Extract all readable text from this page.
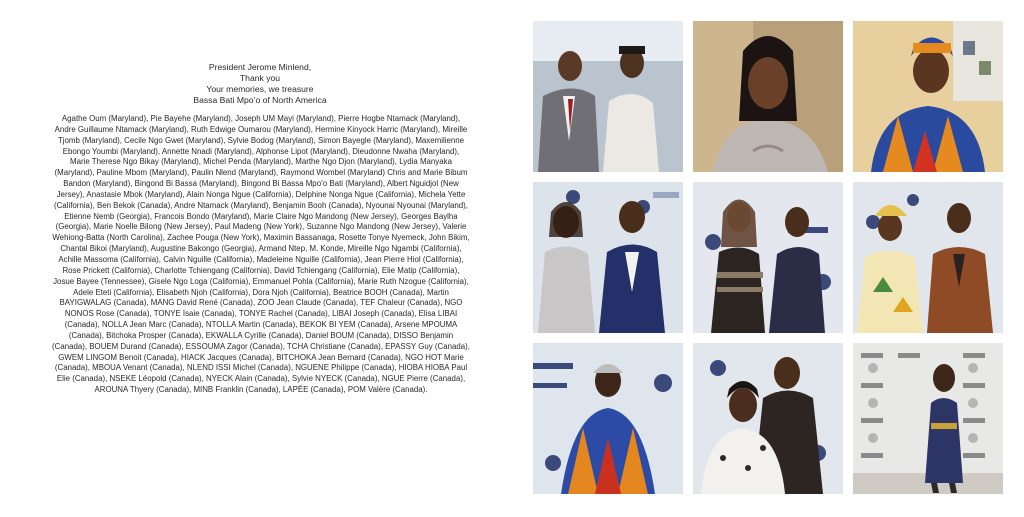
President Jerome Minlend,
Thank you
Your memories, we treasure
Bassa Bati Mpo’o of North America
Agathe Oum (Maryland), Pie Bayehe (Maryland), Joseph UM Mayi (Maryland), Pierre Hogbe Ntamack (Maryland), Andre Guillaume Ntamack (Maryland), Ruth Edwige Oumarou (Maryland), Hermine Kinyock Harric (Maryland), Mireille Tjomb (Maryland), Cecile Ngo Gwet (Maryland), Sylvie Bodog (Maryland), Simon Bayegle (Maryland), Maxemilienne Ebongo Youmbi (Maryland), Annette Nnadi (Maryland), Alphonse Lipot (Maryland), Dieudonne Nwaha (Maryland), Marie Therese Ngo Bikay (Maryland), Michel Penda (Maryland), Marthe Ngo Djon (Maryland), Lydia Manyaka (Maryland), Pauline Mbom (Maryland), Paulin Nlend (Maryland), Raymond Wombel (Maryland) Chris and Marie Bibum Bandon (Maryland), Bingond Bi Bassa (Maryland), Bingond Bi Bassa Mpo’o Bati (Maryland), Albert Nguidjol (New Jersey), Anastasie Mbok (Maryland), Alain Nonga Ngue (California), Delphine Nonga Ngue (California), Michela Yette (California), Ben Bekok (Canada), Andre Ntamack (Maryland), Benjamin Booh (Canada), Nyounai Nyounai (Maryland), Etienne Nemb (Georgia), Francois Bondo (Maryland), Marie Claire Ngo Mandong (New Jersey), Georges Baylha (Georgia), Marie Noelle Bilong (New Jersey), Paul Madeng (New York), Suzanne Ngo Mandong (New Jersey), Valerie Wehiong-Batta (North Carolina), Zachee Pouga (New York), Maximin Bassanaga, Rosette Tonye Nyemeck, John Bikim, Chantal Bikoi (Maryland), Augustine Bakongo (Georgia), Armand Ntep, M. Konde, Mireille Ngo Ngambi (California), Achille Massoma (California), Calvin Nguille (California), Madeleine Nguille (California), Jean Pierre Hiol (California), Rose Prickett (California), Charlotte Tchiengang (California), David Tchiengang (California), Elie Matip (California), Josue Bayee (Tennessee), Gisele Ngo Loga (California), Emmanuel Pohla (California), Marie Ruth Nzogue (California), Adele Eteti (California), Elisabeth Njoh (California), Dora Njoh (California), Beatrice BOOH (Canada), Martin BAYIGWALAG (Canada), MANG David René (Canada), ZOO Jean Claude (Canada), TEF Chaleur (Canada), NGO NONOS Rose (Canada), TONYE Isaie (Canada), TONYE Rachel (Canada), LIBAI Joseph (Canada), Elisa LIBAI (Canada), NOLLA Jean Marc (Canada), NTOLLA Martin (Canada), BEKOK BI YEM (Canada), Arsene MPOUMA (Canada), Bitchoka Prosper (Canada), EKWALLA Cyrille (Canada), Daniel BOUM (Canada), DISSO Benjamin (Canada), BOUEM Durand (Canada), ESSOUMA Zagor (Canada), TCHA Christiane (Canada), EPASSY Guy (Canada), GWEM LINGOM Benoit (Canada), HIACK Jacques (Canada), BITCHOKA Jean Bernard (Canada), NGO HOT Marie (Canada), MBOUA Venant (Canada), NLEND ISSI Michel (Canada), NGUENE Philippe (Canada), HIOBA HIOBA Paul Elie (Canada), NSEKE Léopold (Canada), NYECK Alain (Canada), Sylvie NYECK (Canada), NGUE Pierre (Canada), AROUNA Thyery (Canada), MINB Franklin (Canada), LAPÉE (Canada), POM Valère (Canada).
